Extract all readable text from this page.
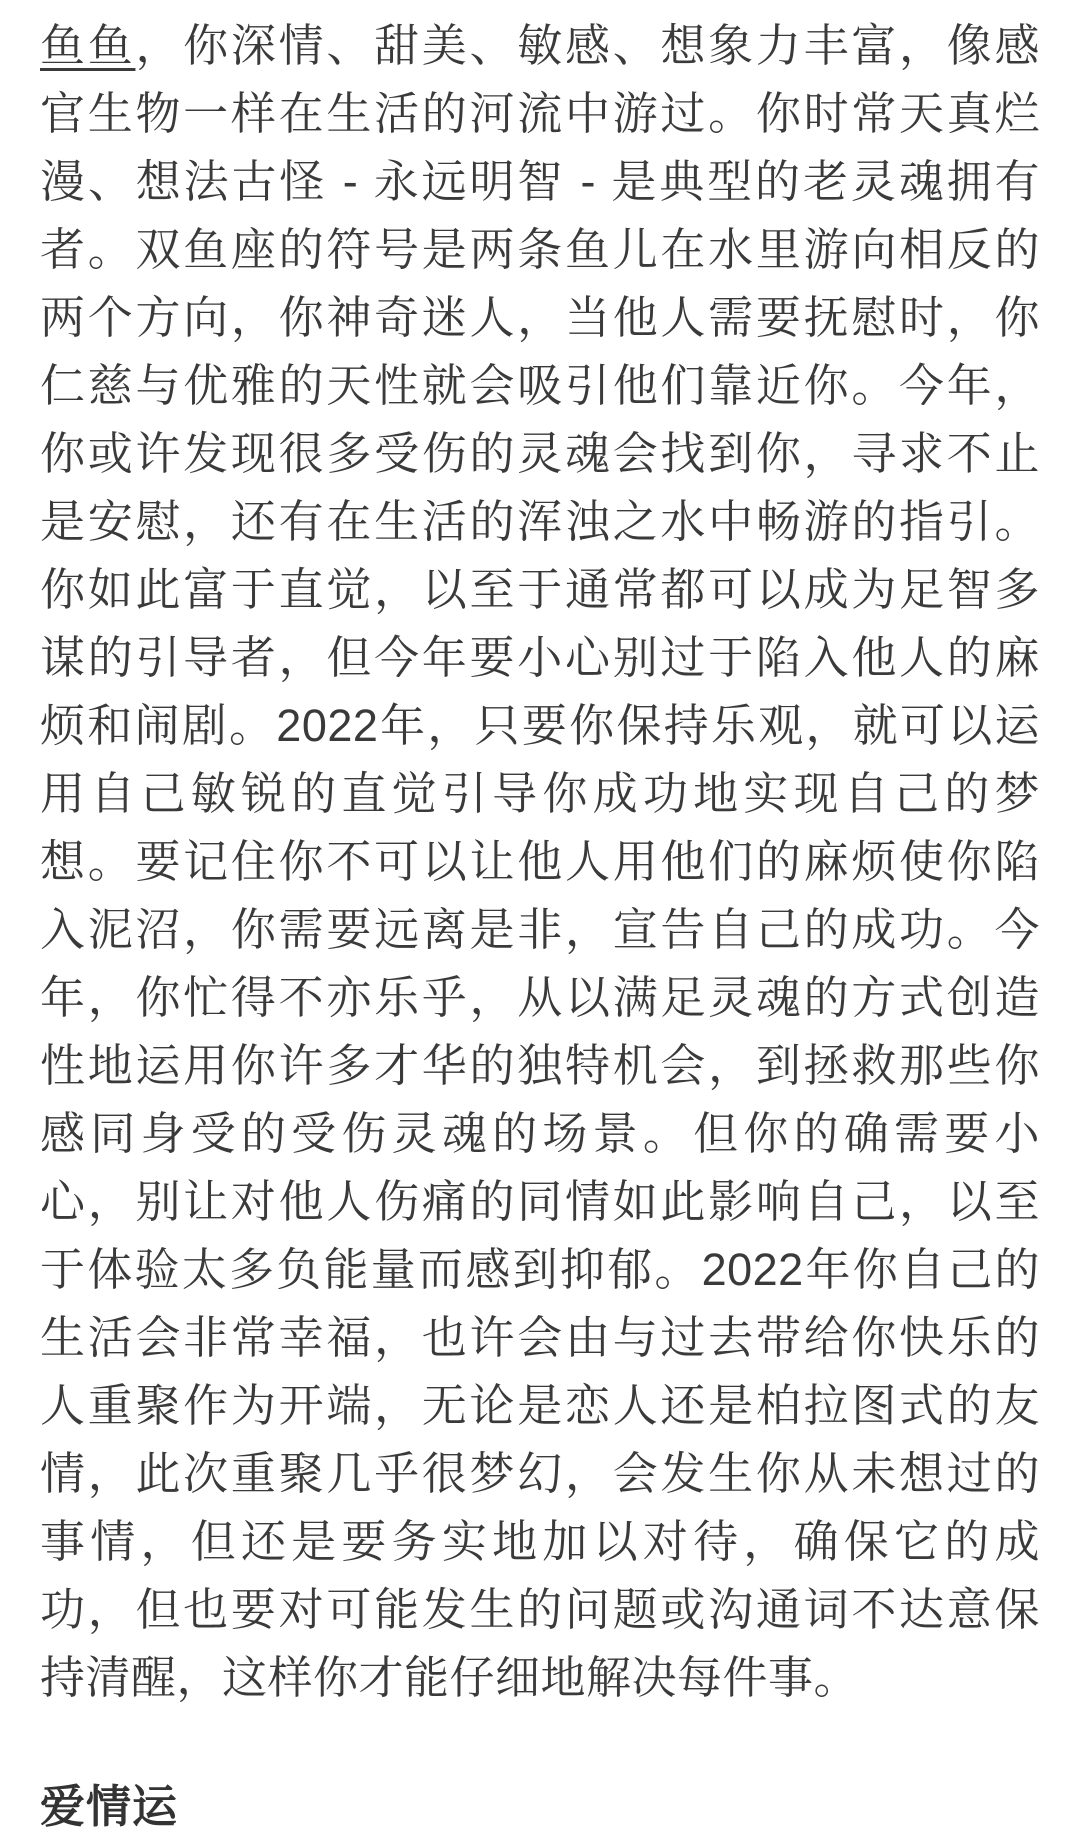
鱼鱼，你深情、甜美、敏感、想象力丰富，像感官生物一样在生活的河流中游过。你时常天真烂漫、想法古怪 - 永远明智 - 是典型的老灵魂拥有者。双鱼座的符号是两条鱼儿在水里游向相反的两个方向，你神奇迷人，当他人需要抚慰时，你仁慈与优雅的天性就会吸引他们靠近你。今年，你或许发现很多受伤的灵魂会找到你，寻求不止是安慰，还有在生活的浑浊之水中畅游的指引。你如此富于直觉，以至于通常都可以成为足智多谋的引导者，但今年要小心别过于陷入他人的麻烦和闹剧。2022年，只要你保持乐观，就可以运用自己敏锐的直觉引导你成功地实现自己的梦想。要记住你不可以让他人用他们的麻烦使你陷入泥沼，你需要远离是非，宣告自己的成功。今年，你忙得不亦乐乎，从以满足灵魂的方式创造性地运用你许多才华的独特机会，到拯救那些你感同身受的受伤灵魂的场景。但你的确需要小心，别让对他人伤痛的同情如此影响自己，以至于体验太多负能量而感到抑郁。2022年你自己的生活会非常幸福，也许会由与过去带给你快乐的人重聚作为开端，无论是恋人还是柏拉图式的友情，此次重聚几乎很梦幻，会发生你从未想过的事情，但还是要务实地加以对待，确保它的成功，但也要对可能发生的问题或沟通词不达意保持清醒，这样你才能仔细地解决每件事。

爱情运
